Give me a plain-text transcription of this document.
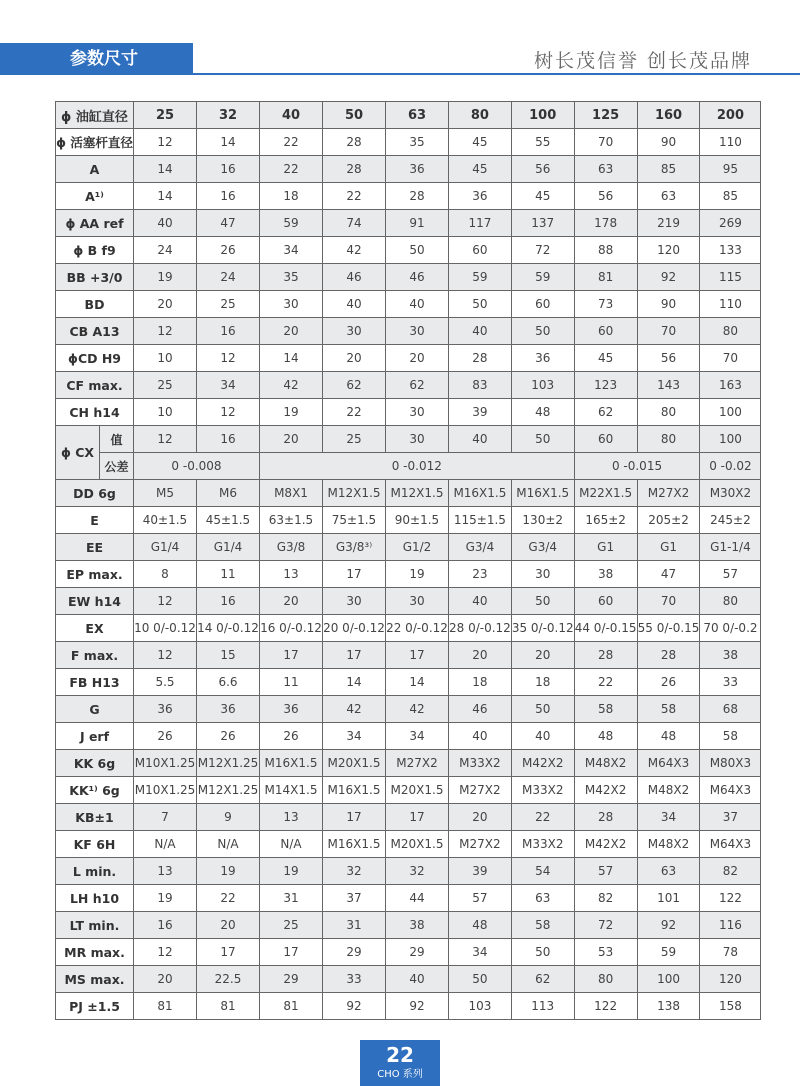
参数尺寸	树长茂信誉 创长茂品牌
ϕ 油缸直径		25	32	40	50	63	80	100	125	160	200
ϕ 活塞杆直径		12	14	22	28	35	45	55	70	90	110
A		14	16	22	28	36	45	56	63	85	95
A¹⁾		14	16	18	22	28	36	45	56	63	85
ϕ AA ref		40	47	59	74	91	117	137	178	219	269
ϕ B f9		24	26	34	42	50	60	72	88	120	133
BB +3/0		19	24	35	46	46	59	59	81	92	115
BD		20	25	30	40	40	50	60	73	90	110
CB A13		12	16	20	30	30	40	50	60	70	80
ϕCD H9		10	12	14	20	20	28	36	45	56	70
CF max.		25	34	42	62	62	83	103	123	143	163
CH h14		10	12	19	22	30	39	48	62	80	100
ϕ CX	值	12	16	20	25	30	40	50	60	80	100
	公差	0 -0.008		0 -0.012					0 -0.015		0 -0.02
DD 6g		M5	M6	M8X1	M12X1.5	M12X1.5	M16X1.5	M16X1.5	M22X1.5	M27X2	M30X2
E		40±1.5	45±1.5	63±1.5	75±1.5	90±1.5	115±1.5	130±2	165±2	205±2	245±2
EE		G1/4	G1/4	G3/8	G3/8³⁾	G1/2	G3/4	G3/4	G1	G1	G1-1/4
EP max.		8	11	13	17	19	23	30	38	47	57
EW h14		12	16	20	30	30	40	50	60	70	80
EX		10 0/-0.12	14 0/-0.12	16 0/-0.12	20 0/-0.12	22 0/-0.12	28 0/-0.12	35 0/-0.12	44 0/-0.15	55 0/-0.15	70 0/-0.2
F max.		12	15	17	17	17	20	20	28	28	38
FB H13		5.5	6.6	11	14	14	18	18	22	26	33
G		36	36	36	42	42	46	50	58	58	68
J erf		26	26	26	34	34	40	40	48	48	58
KK 6g		M10X1.25	M12X1.25	M16X1.5	M20X1.5	M27X2	M33X2	M42X2	M48X2	M64X3	M80X3
KK¹⁾ 6g		M10X1.25	M12X1.25	M14X1.5	M16X1.5	M20X1.5	M27X2	M33X2	M42X2	M48X2	M64X3
KB±1		7	9	13	17	17	20	22	28	34	37
KF 6H		N/A	N/A	N/A	M16X1.5	M20X1.5	M27X2	M33X2	M42X2	M48X2	M64X3
L min.		13	19	19	32	32	39	54	57	63	82
LH h10		19	22	31	37	44	57	63	82	101	122
LT min.		16	20	25	31	38	48	58	72	92	116
MR max.		12	17	17	29	29	34	50	53	59	78
MS max.		20	22.5	29	33	40	50	62	80	100	120
PJ ±1.5		81	81	81	92	92	103	113	122	138	158
22
CHO 系列
